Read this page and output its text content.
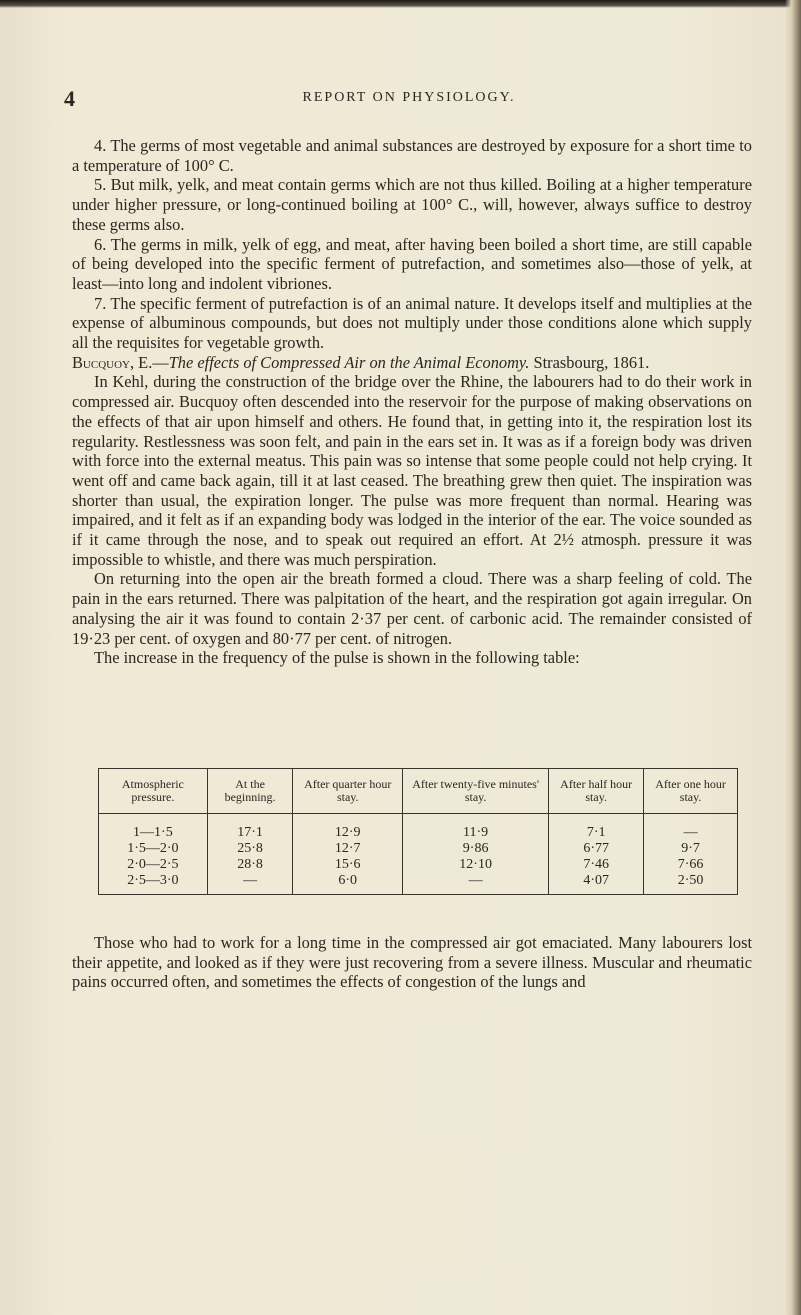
4	REPORT ON PHYSIOLOGY.

4. The germs of most vegetable and animal substances are destroyed by exposure for a short time to a temperature of 100° C.

5. But milk, yelk, and meat contain germs which are not thus killed. Boiling at a higher temperature under higher pressure, or long-continued boiling at 100° C., will, however, always suffice to destroy these germs also.

6. The germs in milk, yelk of egg, and meat, after having been boiled a short time, are still capable of being developed into the specific ferment of putrefaction, and sometimes also—those of yelk, at least—into long and indolent vibriones.

7. The specific ferment of putrefaction is of an animal nature. It develops itself and multiplies at the expense of albuminous compounds, but does not multiply under those conditions alone which supply all the requisites for vegetable growth.

Bucquoy, E.—The effects of Compressed Air on the Animal Economy. Strasbourg, 1861.

In Kehl, during the construction of the bridge over the Rhine, the labourers had to do their work in compressed air. Bucquoy often descended into the reservoir for the purpose of making observations on the effects of that air upon himself and others. He found that, in getting into it, the respiration lost its regularity. Restlessness was soon felt, and pain in the ears set in. It was as if a foreign body was driven with force into the external meatus. This pain was so intense that some people could not help crying. It went off and came back again, till it at last ceased. The breathing grew then quiet. The inspiration was shorter than usual, the expiration longer. The pulse was more frequent than normal. Hearing was impaired, and it felt as if an expanding body was lodged in the interior of the ear. The voice sounded as if it came through the nose, and to speak out required an effort. At 2½ atmosph. pressure it was impossible to whistle, and there was much perspiration.

On returning into the open air the breath formed a cloud. There was a sharp feeling of cold. The pain in the ears returned. There was palpitation of the heart, and the respiration got again irregular. On analysing the air it was found to contain 2·37 per cent. of carbonic acid. The remainder consisted of 19·23 per cent. of oxygen and 80·77 per cent. of nitrogen.

The increase in the frequency of the pulse is shown in the following table:

Atmospheric pressure.	At the beginning.	After quarter hour stay.	After twenty-five minutes' stay.	After half hour stay.	After one hour stay.
1—1·5	17·1	12·9	11·9	7·1	—
1·5—2·0	25·8	12·7	9·86	6·77	9·7
2·0—2·5	28·8	15·6	12·10	7·46	7·66
2·5—3·0	—	6·0	—	4·07	2·50

Those who had to work for a long time in the compressed air got emaciated. Many labourers lost their appetite, and looked as if they were just recovering from a severe illness. Muscular and rheumatic pains occurred often, and sometimes the effects of congestion of the lungs and
